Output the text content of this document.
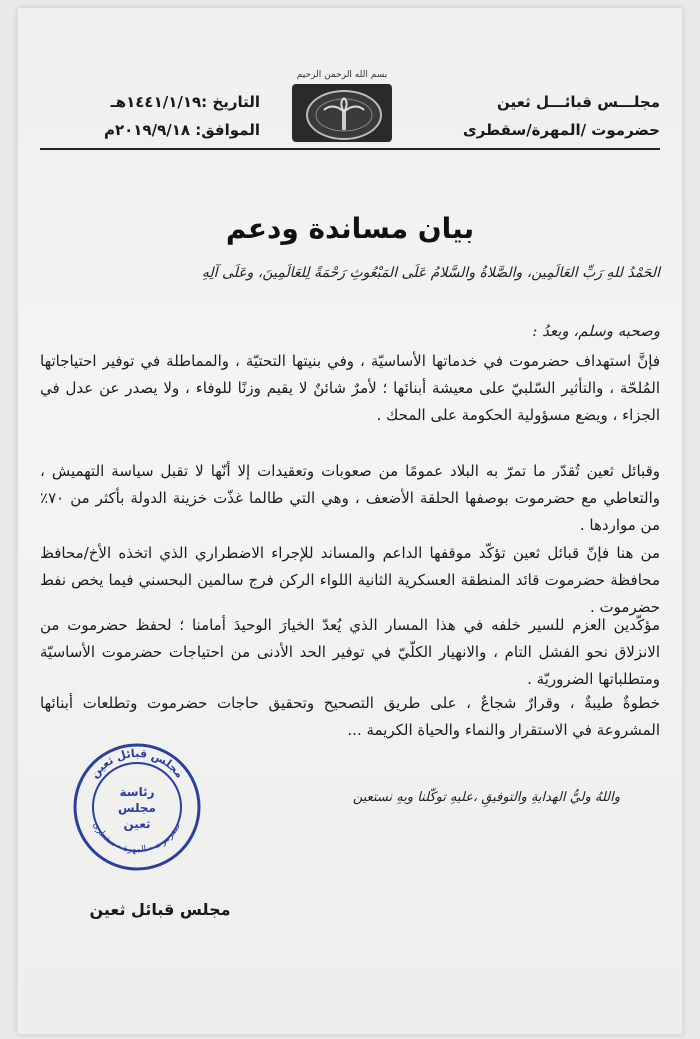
مجلـــس قبائـــل ثعين
حضرموت /المهرة/سقطرى
بسم الله الرحمن الرحيم
التاريخ :١٤٤١/١/١٩هـ
الموافق: ٢٠١٩/٩/١٨م
بيان مساندة ودعم
الحَمْدُ للهِ رَبِّ العَالَمِين، والصَّلاةُ والسَّلامُ عَلَى المَبْعُوثِ رَحْمَةً لِلعَالَمِينَ، وعَلَى آلِهِ
وصحبه وسلم، وبعدُ :
فإنَّ استهداف حضرموت في خدماتها الأساسيّة ، وفي بنيتها التحتيّة ، والمماطلة في توفير احتياجاتها المُلحّة ، والتأثير السّلبيّ على معيشة أبنائها ؛ لأمرٌ شائنٌ لا يقيم وزنًا للوفاء ، ولا يصدر عن عدل في الجزاء ، ويضع مسؤولية الحكومة على المحك .
وقبائل ثعين تُقدّر ما تمرّ به البلاد عمومًا من صعوبات وتعقيدات إلا أنّها لا تقبل سياسة التهميش ، والتعاطي مع حضرموت بوصفها الحلقة الأضعف ، وهي التي طالما غذّت خزينة الدولة بأكثر من ٧٠٪ من مواردها .
من هنا فإنّ قبائل ثعين تؤكّد موقفها الداعم والمساند للإجراء الاضطراري الذي اتخذه الأخ/محافظ محافظة حضرموت قائد المنطقة العسكرية الثانية اللواء الركن فرج سالمين البحسني فيما يخص نفط حضرموت .
مؤكّدين العزم للسير خلفه في هذا المسار الذي يُعدّ الخيارَ الوحيدَ أمامنا ؛ لحفظ حضرموت من الانزلاق نحو الفشل التام ، والانهيار الكلّيّ في توفير الحد الأدنى من احتياجات حضرموت الأساسيّة ومتطلباتها الضروريّة .
خطوةٌ طيبةٌ ، وقرارٌ شجاعٌ ، على طريق التصحيح وتحقيق حاجات حضرموت وتطلعات أبنائها المشروعة في الاستقرار والنماء والحياة الكريمة ...
واللهُ وليُّ الهدايةِ والتوفيقِ ،عليهِ توكّلنا وبهِ نستعين
مجلس قبائل ثعين
حضرموت - المهرة - سقطرى
رئاسة
مجلس
ثعين
مجلس قبائل ثعين
